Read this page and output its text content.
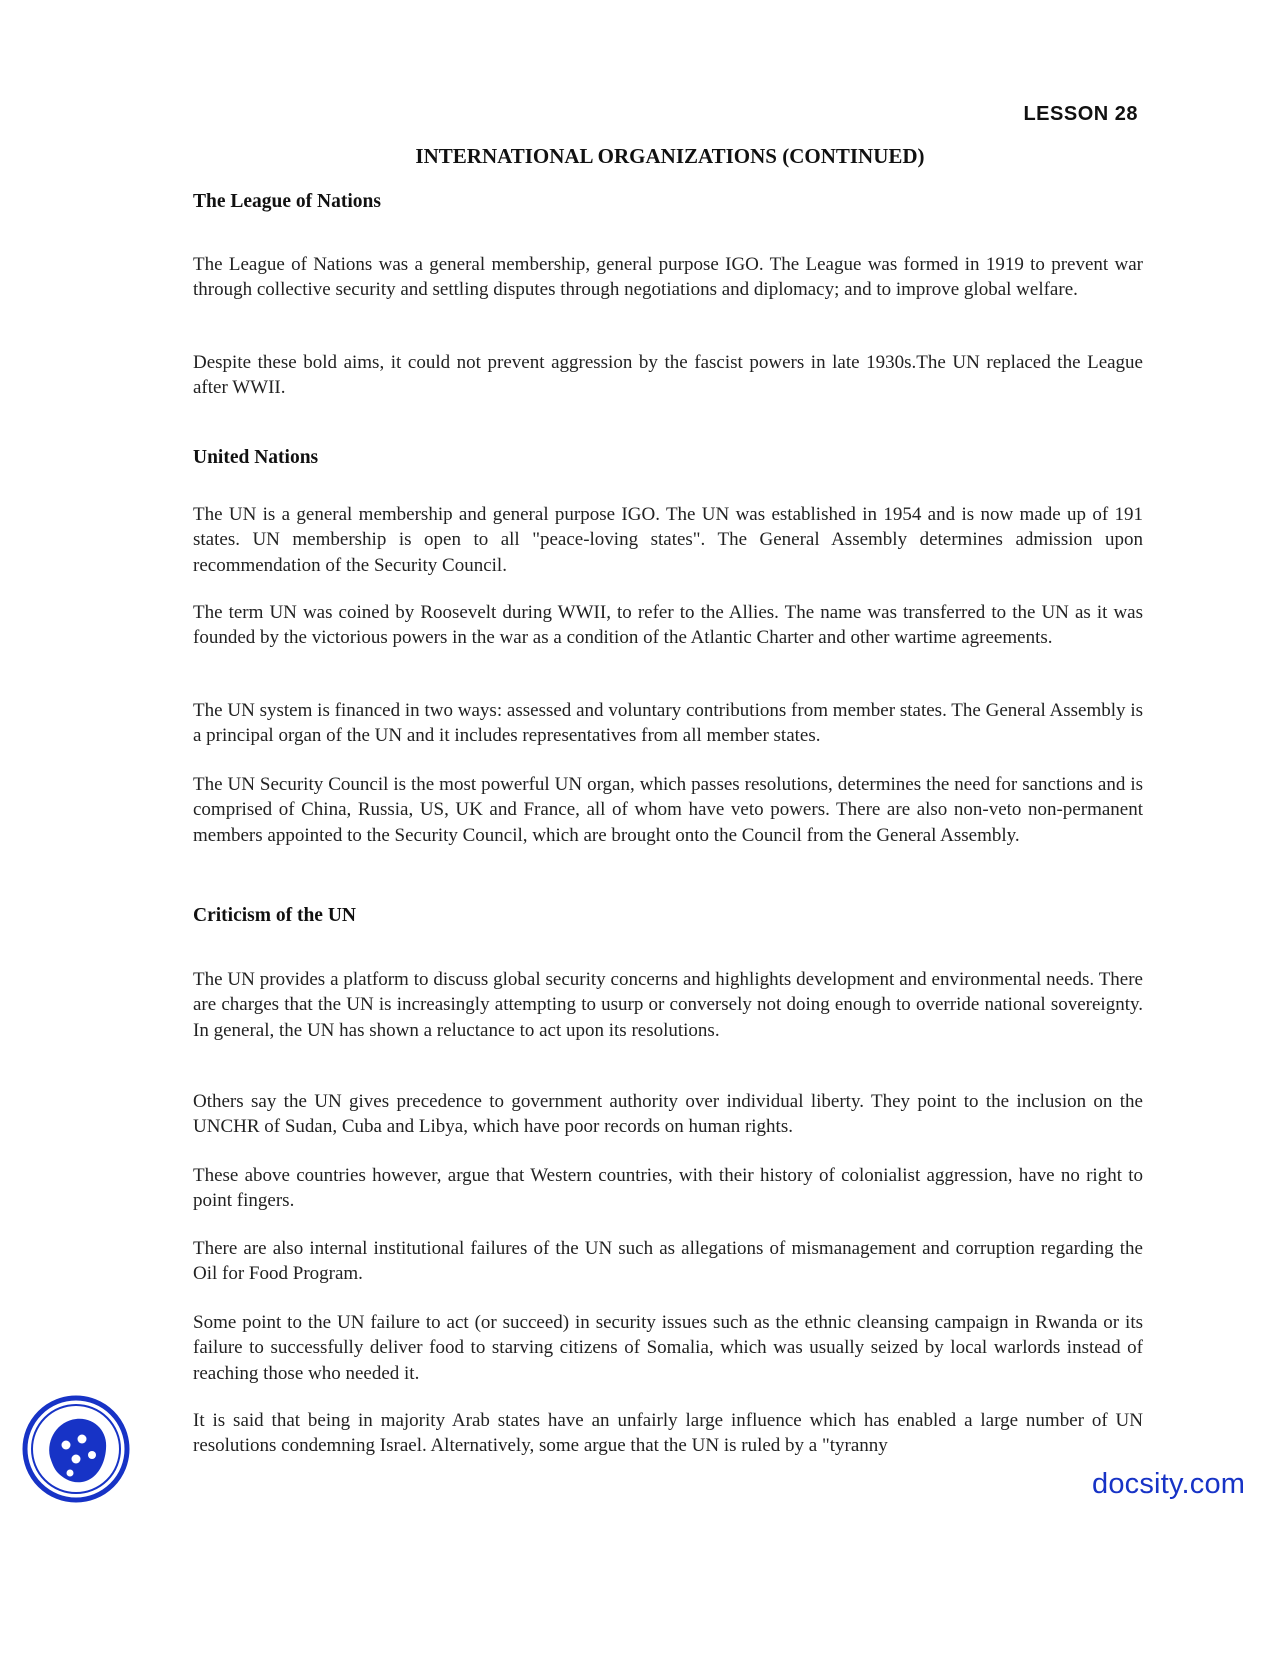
LESSON 28
INTERNATIONAL ORGANIZATIONS (CONTINUED)
The League of Nations

The League of Nations was a general membership, general purpose IGO. The League was formed in 1919 to prevent war through collective security and settling disputes through negotiations and diplomacy; and to improve global welfare.

Despite these bold aims, it could not prevent aggression by the fascist powers in late 1930s.The UN replaced the League after WWII.

United Nations

The UN is a general membership and general purpose IGO. The UN was established in 1954 and is now made up of 191 states. UN membership is open to all "peace-loving states". The General Assembly determines admission upon recommendation of the Security Council.

The term UN was coined by Roosevelt during WWII, to refer to the Allies. The name was transferred to the UN as it was founded by the victorious powers in the war as a condition of the Atlantic Charter and other wartime agreements.

The UN system is financed in two ways: assessed and voluntary contributions from member states. The General Assembly is a principal organ of the UN and it includes representatives from all member states.

The UN Security Council is the most powerful UN organ, which passes resolutions, determines the need for sanctions and is comprised of China, Russia, US, UK and France, all of whom have veto powers. There are also non-veto non-permanent members appointed to the Security Council, which are brought onto the Council from the General Assembly.

Criticism of the UN

The UN provides a platform to discuss global security concerns and highlights development and environmental needs. There are charges that the UN is increasingly attempting to usurp or conversely not doing enough to override national sovereignty. In general, the UN has shown a reluctance to act upon its resolutions.

Others say the UN gives precedence to government authority over individual liberty. They point to the inclusion on the UNCHR of Sudan, Cuba and Libya, which have poor records on human rights.

These above countries however, argue that Western countries, with their history of colonialist aggression, have no right to point fingers.

There are also internal institutional failures of the UN such as allegations of mismanagement and corruption regarding the Oil for Food Program.

Some point to the UN failure to act (or succeed) in security issues such as the ethnic cleansing campaign in Rwanda or its failure to successfully deliver food to starving citizens of Somalia, which was usually seized by local warlords instead of reaching those who needed it.

It is said that being in majority Arab states have an unfairly large influence which has enabled a large number of UN resolutions condemning Israel. Alternatively, some argue that the UN is ruled by a "tyranny

docsity.com
